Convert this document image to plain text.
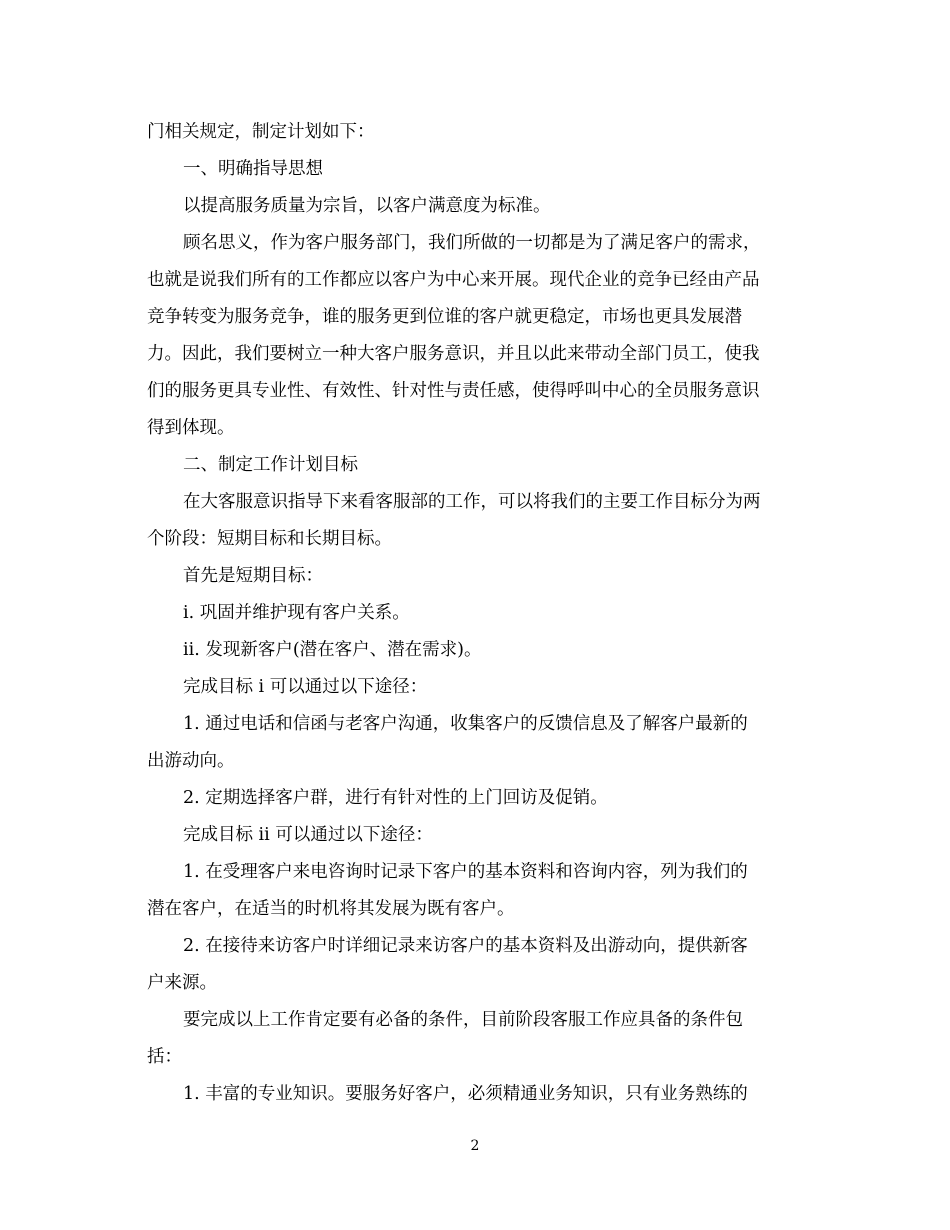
门相关规定，制定计划如下：
一、明确指导思想
以提高服务质量为宗旨，以客户满意度为标准。
顾名思义，作为客户服务部门，我们所做的一切都是为了满足客户的需求，
也就是说我们所有的工作都应以客户为中心来开展。现代企业的竞争已经由产品
竞争转变为服务竞争，谁的服务更到位谁的客户就更稳定，市场也更具发展潜
力。因此，我们要树立一种大客户服务意识，并且以此来带动全部门员工，使我
们的服务更具专业性、有效性、针对性与责任感，使得呼叫中心的全员服务意识
得到体现。
二、制定工作计划目标
在大客服意识指导下来看客服部的工作，可以将我们的主要工作目标分为两
个阶段：短期目标和长期目标。
首先是短期目标：
i. 巩固并维护现有客户关系。
ii. 发现新客户(潜在客户、潜在需求)。
完成目标 i 可以通过以下途径：
1. 通过电话和信函与老客户沟通，收集客户的反馈信息及了解客户最新的
出游动向。
2. 定期选择客户群，进行有针对性的上门回访及促销。
完成目标 ii 可以通过以下途径：
1. 在受理客户来电咨询时记录下客户的基本资料和咨询内容，列为我们的
潜在客户，在适当的时机将其发展为既有客户。
2. 在接待来访客户时详细记录来访客户的基本资料及出游动向，提供新客
户来源。
要完成以上工作肯定要有必备的条件，目前阶段客服工作应具备的条件包
括：
1. 丰富的专业知识。要服务好客户，必须精通业务知识，只有业务熟练的
2
